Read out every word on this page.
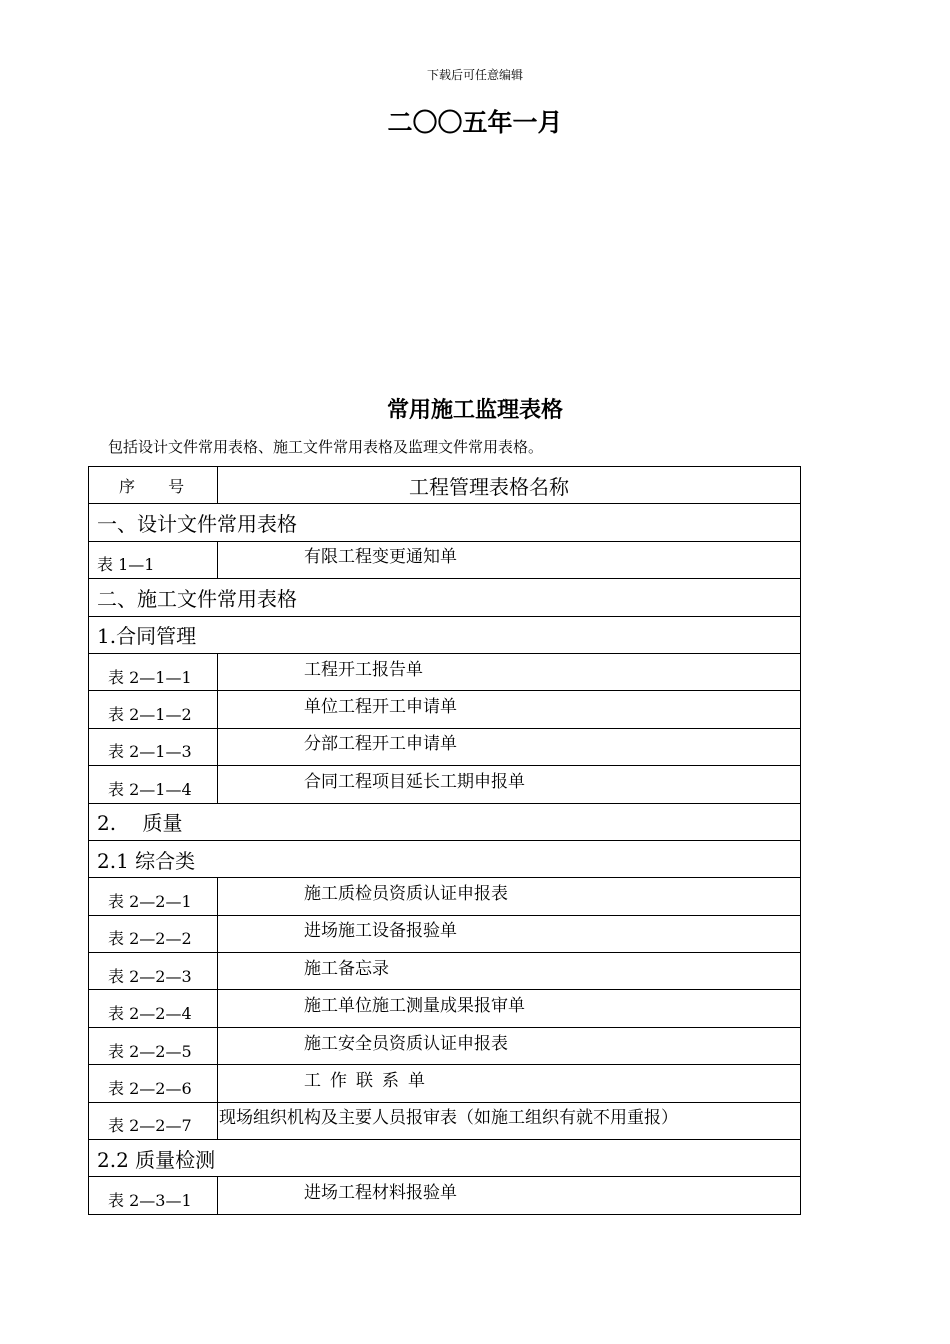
下载后可任意编辑
二〇〇五年一月
常用施工监理表格
包括设计文件常用表格、施工文件常用表格及监理文件常用表格。
序 号	工程管理表格名称
一、设计文件常用表格	

表 1—1	有限工程变更通知单

二、施工文件常用表格	
1.合同管理	

表 2—1—1	工程开工报告单

表 2—1—2	单位工程开工申请单

表 2—1—3	分部工程开工申请单

表 2—1—4	合同工程项目延长工期申报单

2.　 质量	
2.1 综合类	

表 2—2—1	施工质检员资质认证申报表

表 2—2—2	进场施工设备报验单

表 2—2—3	施工备忘录

表 2—2—4	施工单位施工测量成果报审单

表 2—2—5	施工安全员资质认证申报表

表 2—2—6	工作联系单

表 2—2—7	现场组织机构及主要人员报审表（如施工组织有就不用重报）

2.2 质量检测	

表 2—3—1	进场工程材料报验单
